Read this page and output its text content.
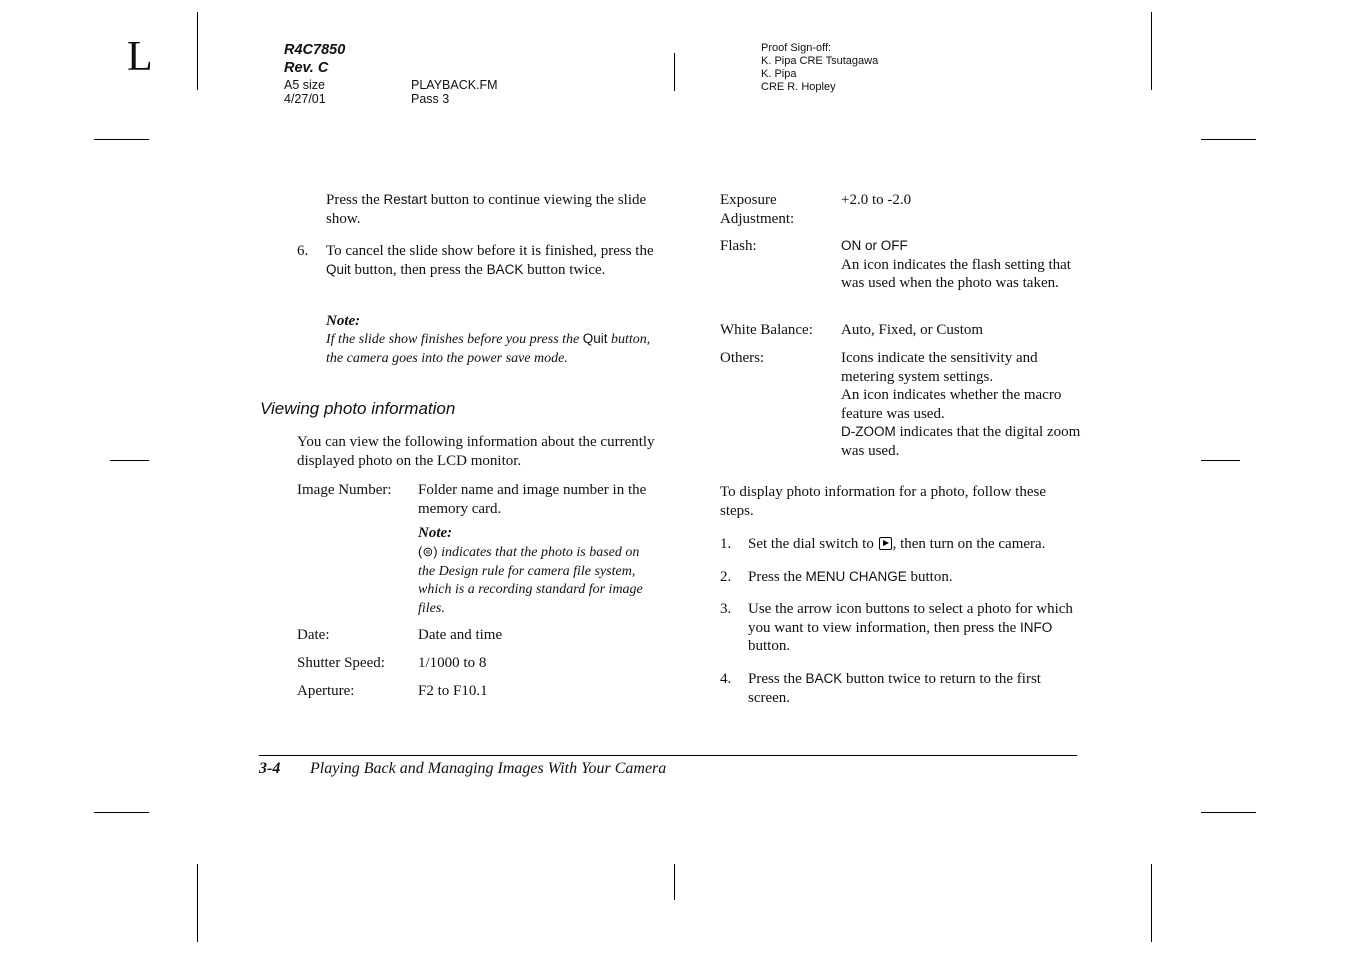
L	R4C7850
Rev. C
A5 size	PLAYBACK.FM
4/27/01	Pass 3
Proof Sign-off:
K. Pipa CRE Tsutagawa
K. Pipa
CRE R. Hopley
Press the Restart button to continue viewing the slide show.
6. To cancel the slide show before it is finished, press the Quit button, then press the BACK button twice.
Note:
If the slide show finishes before you press the Quit button, the camera goes into the power save mode.
Viewing photo information
You can view the following information about the currently displayed photo on the LCD monitor.
Image Number: Folder name and image number in the memory card.
Note:
(⊜) indicates that the photo is based on the Design rule for camera file system, which is a recording standard for image files.
Date:	Date and time
Shutter Speed: 1/1000 to 8
Aperture:	F2 to F10.1
Exposure Adjustment:
+2.0 to -2.0
Flash:	ON or OFF
An icon indicates the flash setting that was used when the photo was taken.
White Balance: Auto, Fixed, or Custom
Others:	Icons indicate the sensitivity and metering system settings.
An icon indicates whether the macro feature was used.
D-ZOOM indicates that the digital zoom was used.
To display photo information for a photo, follow these steps.
1. Set the dial switch to , then turn on the camera.
2. Press the MENU CHANGE button.
3. Use the arrow icon buttons to select a photo for which you want to view information, then press the INFO button.
4. Press the BACK button twice to return to the first screen.
3-4 Playing Back and Managing Images With Your Camera
